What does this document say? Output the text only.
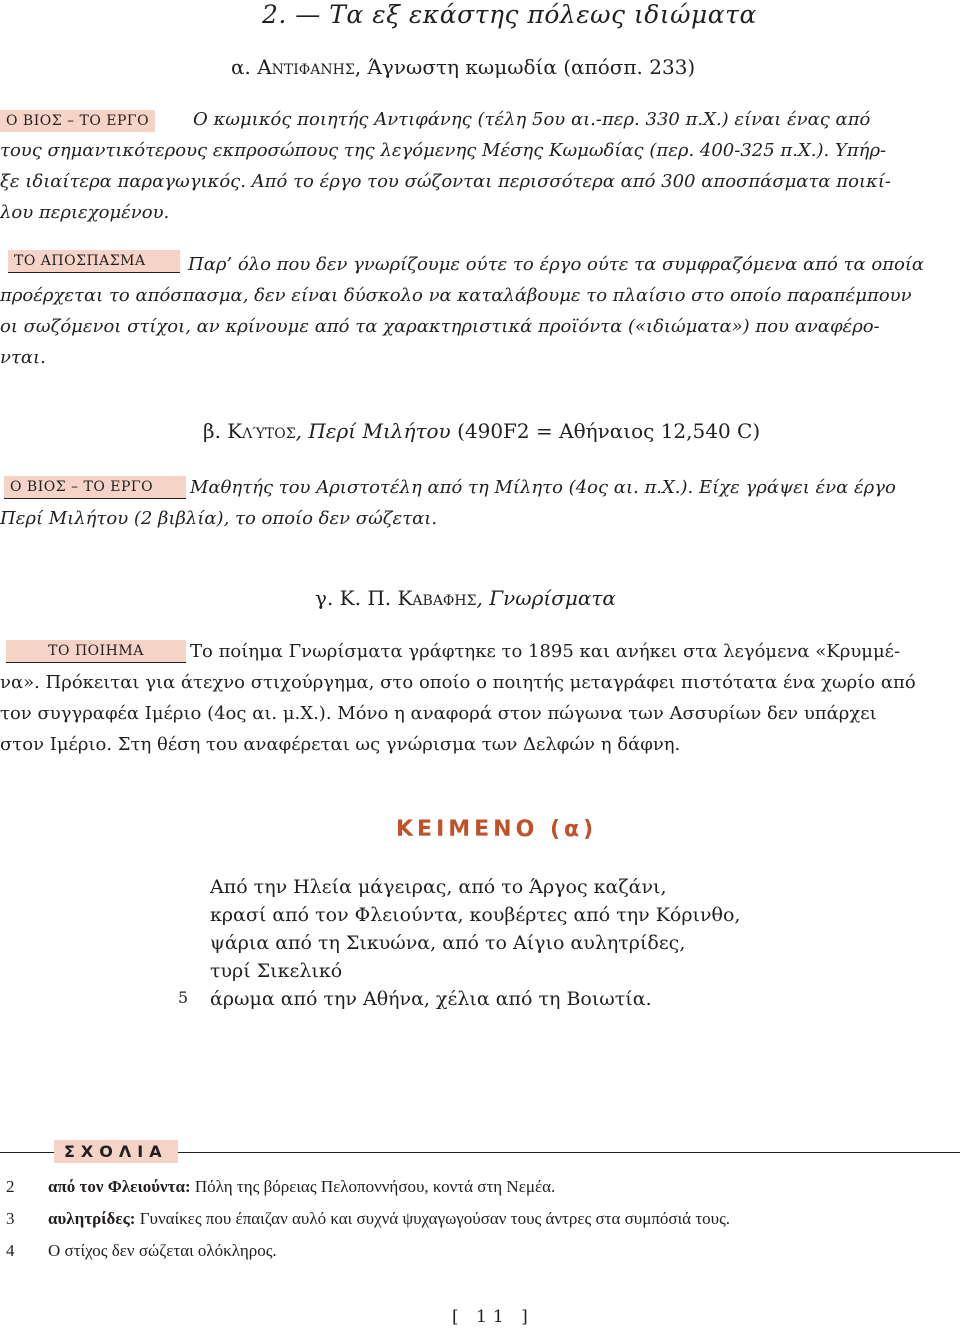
2. — Τα εξ εκάστης πόλεως ιδιώματα
α. Αντιφανησ, Άγνωστη κωμωδία (απόσπ. 233)
Ο ΒΙΟΣ – ΤΟ ΕΡΓΟ	Ο κωμικός ποιητής Αντιφάνης (τέλη 5ου αι.-περ. 330 π.Χ.) είναι ένας από
τους σημαντικότερους εκπροσώπους της λεγόμενης Μέσης Κωμωδίας (περ. 400-325 π.Χ.). Υπήρ-
ξε ιδιαίτερα παραγωγικός. Από το έργο του σώζονται περισσότερα από 300 αποσπάσματα ποικί-
λου περιεχομένου.
ΤΟ ΑΠΟΣΠΑΣΜΑ	Παρ’ όλο που δεν γνωρίζουμε ούτε το έργο ούτε τα συμφραζόμενα από τα οποία
προέρχεται το απόσπασμα, δεν είναι δύσκολο να καταλάβουμε το πλαίσιο στο οποίο παραπέμπουν
οι σωζόμενοι στίχοι, αν κρίνουμε από τα χαρακτηριστικά προϊόντα («ιδιώματα») που αναφέρο-
νται.
β. Κλύτος, Περί Μιλήτου (490F2 = Αθήναιος 12,540 C)
Ο ΒΙΟΣ – ΤΟ ΕΡΓΟ	Μαθητής του Αριστοτέλη από τη Μίλητο (4ος αι. π.Χ.). Είχε γράψει ένα έργο
Περί Μιλήτου (2 βιβλία), το οποίο δεν σώζεται.
γ. Κ. Π. Καβαφησ, Γνωρίσματα
ΤΟ ΠΟΙΗΜΑ	Το ποίημα Γνωρίσματα γράφτηκε το 1895 και ανήκει στα λεγόμενα «Κρυμμέ-
να». Πρόκειται για άτεχνο στιχούργημα, στο οποίο ο ποιητής μεταγράφει πιστότατα ένα χωρίο από
τον συγγραφέα Ιμέριο (4ος αι. μ.Χ.). Μόνο η αναφορά στον πώγωνα των Ασσυρίων δεν υπάρχει
στον Ιμέριο. Στη θέση του αναφέρεται ως γνώρισμα των Δελφών η δάφνη.
ΚΕΙΜΕΝΟ (α)
Από την Ηλεία μάγειρας, από το Άργος καζάνι,
κρασί από τον Φλειούντα, κουβέρτες από την Κόρινθο,
ψάρια από τη Σικυώνα, από το Αίγιο αυλητρίδες,
τυρί Σικελικό
άρωμα από την Αθήνα, χέλια από τη Βοιωτία.
5
ΣΧΟΛΙΑ
2 από τον Φλειούντα: Πόλη της βόρειας Πελοποννήσου, κοντά στη Νεμέα.
3 αυλητρίδες: Γυναίκες που έπαιζαν αυλό και συχνά ψυχαγωγούσαν τους άντρες στα συμπόσιά τους.
4 Ο στίχος δεν σώζεται ολόκληρος.
[ 11 ]
